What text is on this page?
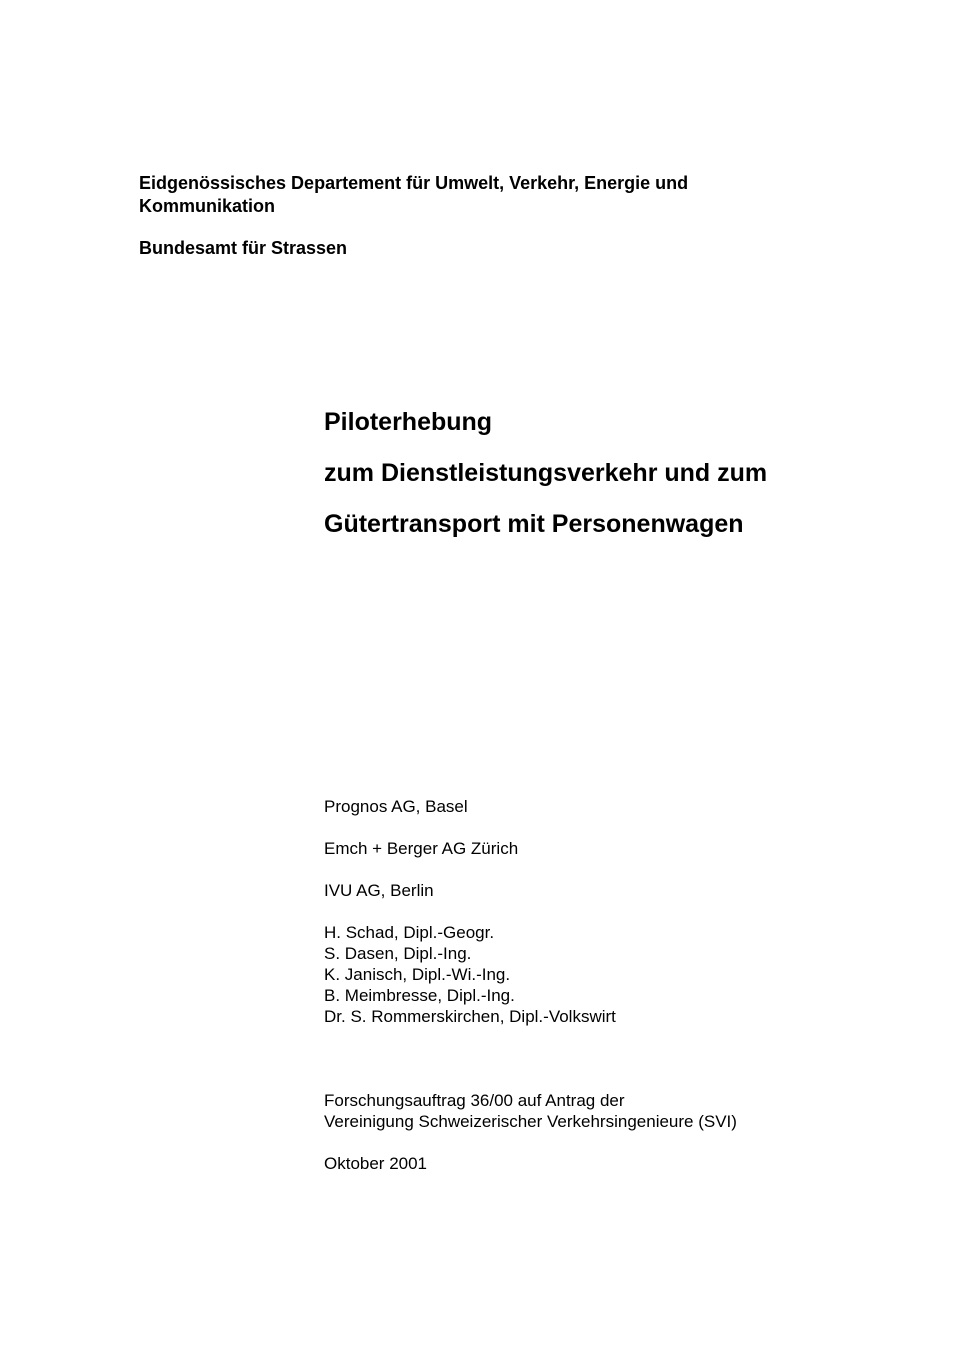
Eidgenössisches Departement für Umwelt, Verkehr, Energie und
Kommunikation

Bundesamt für Strassen

Piloterhebung

zum Dienstleistungsverkehr und zum

Gütertransport mit Personenwagen

Prognos AG, Basel

Emch + Berger AG Zürich

IVU AG, Berlin

H. Schad, Dipl.-Geogr.

S. Dasen, Dipl.-Ing.

K. Janisch, Dipl.-Wi.-Ing.

B. Meimbresse, Dipl.-Ing.

Dr. S. Rommerskirchen, Dipl.-Volkswirt

Forschungsauftrag 36/00 auf Antrag der

Vereinigung Schweizerischer Verkehrsingenieure (SVI)

Oktober 2001
